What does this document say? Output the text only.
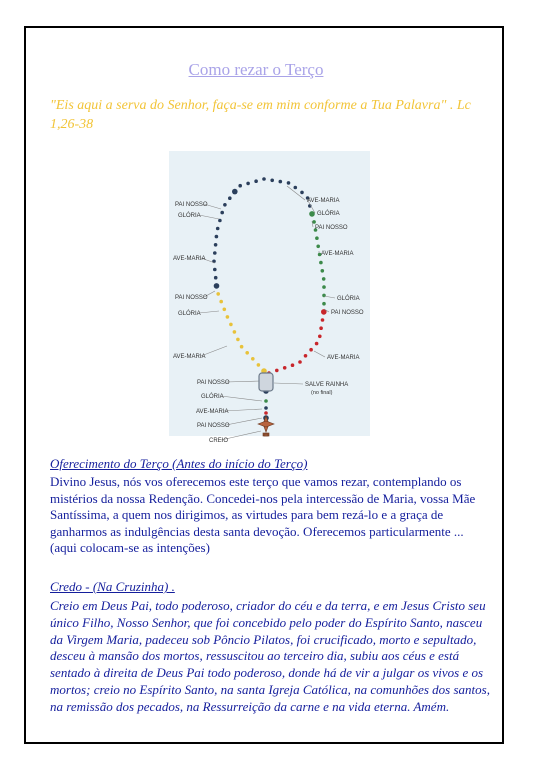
Como rezar o Terço
"Eis aqui a serva do Senhor, faça-se em mim conforme a Tua Palavra" . Lc 1,26-38
PAI NOSSO
GLÓRIA
AVE-MARIA
PAI NOSSO
GLÓRIA
AVE-MARIA
PAI NOSSO
GLÓRIA
AVE-MARIA
PAI NOSSO
CREIO
AVE-MARIA
GLÓRIA
PAI NOSSO
AVE-MARIA
GLÓRIA
PAI NOSSO
AVE-MARIA
SALVE RAINHA
(no final)
Oferecimento do Terço (Antes do início do Terço)
Divino Jesus, nós vos oferecemos este terço que vamos rezar, contemplando os mistérios da nossa Redenção. Concedei-nos pela intercessão de Maria, vossa Mãe Santíssima, a quem nos dirigimos, as virtudes para bem rezá-lo e a graça de ganharmos as indulgências desta santa devoção. Oferecemos particularmente ... (aqui colocam-se as intenções)
Credo - (Na Cruzinha) .
Creio em Deus Pai, todo poderoso, criador do céu e da terra, e em Jesus Cristo seu único Filho, Nosso Senhor, que foi concebido pelo poder do Espírito Santo, nasceu da Virgem Maria, padeceu sob Pôncio Pilatos, foi crucificado, morto e sepultado, desceu à mansão dos mortos, ressuscitou ao terceiro dia, subiu aos céus e está sentado à direita de Deus Pai todo poderoso, donde há de vir a julgar os vivos e os mortos; creio no Espírito Santo, na santa Igreja Católica, na comunhões dos santos, na remissão dos pecados, na Ressurreição da carne e na vida eterna. Amém.
